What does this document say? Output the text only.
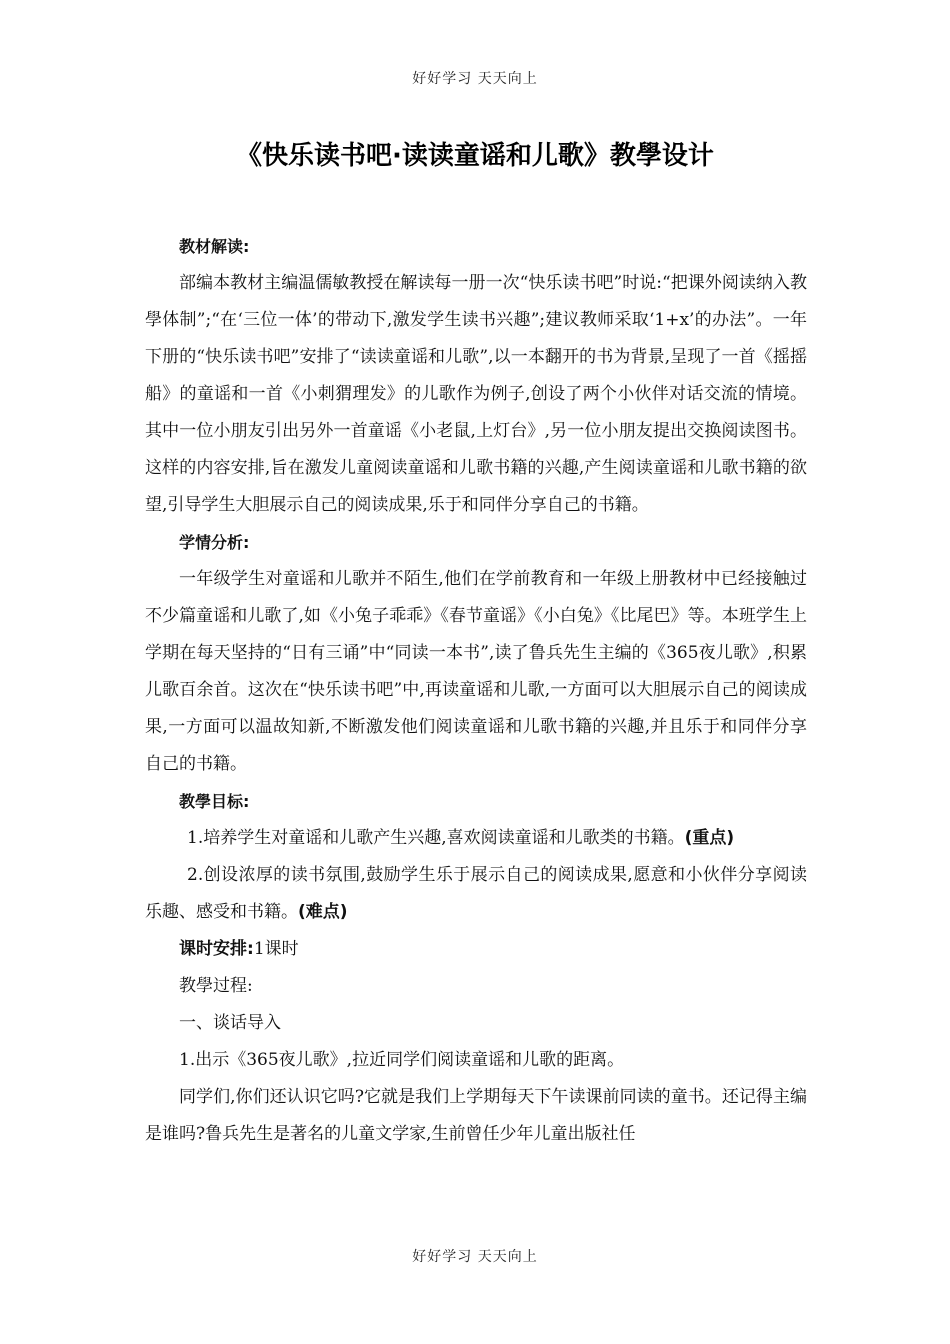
好好学习 天天向上
《快乐读书吧·读读童谣和儿歌》教學设计

教材解读:

部编本教材主编温儒敏教授在解读每一册一次“快乐读书吧”时说:“把课外阅读纳入教學体制”;“在‘三位一体’的带动下,激发学生读书兴趣”;建议教师采取‘1+x’的办法”。一年下册的“快乐读书吧”安排了“读读童谣和儿歌”,以一本翻开的书为背景,呈现了一首《摇摇船》的童谣和一首《小刺猬理发》的儿歌作为例子,创设了两个小伙伴对话交流的情境。其中一位小朋友引出另外一首童谣《小老鼠,上灯台》,另一位小朋友提出交换阅读图书。这样的内容安排,旨在激发儿童阅读童谣和儿歌书籍的兴趣,产生阅读童谣和儿歌书籍的欲望,引导学生大胆展示自己的阅读成果,乐于和同伴分享自己的书籍。

学情分析:

一年级学生对童谣和儿歌并不陌生,他们在学前教育和一年级上册教材中已经接触过不少篇童谣和儿歌了,如《小兔子乖乖》《春节童谣》《小白兔》《比尾巴》等。本班学生上学期在每天坚持的“日有三诵”中“同读一本书”,读了鲁兵先生主编的《365夜儿歌》,积累儿歌百余首。这次在“快乐读书吧”中,再读童谣和儿歌,一方面可以大胆展示自己的阅读成果,一方面可以温故知新,不断激发他们阅读童谣和儿歌书籍的兴趣,并且乐于和同伴分享自己的书籍。

教學目标:

1.培养学生对童谣和儿歌产生兴趣,喜欢阅读童谣和儿歌类的书籍。(重点)

2.创设浓厚的读书氛围,鼓励学生乐于展示自己的阅读成果,愿意和小伙伴分享阅读乐趣、感受和书籍。(难点)

课时安排:1课时

教學过程:

一、谈话导入

1.出示《365夜儿歌》,拉近同学们阅读童谣和儿歌的距离。

同学们,你们还认识它吗?它就是我们上学期每天下午读课前同读的童书。还记得主编是谁吗?鲁兵先生是著名的儿童文学家,生前曾任少年儿童出版社任

好好学习 天天向上
